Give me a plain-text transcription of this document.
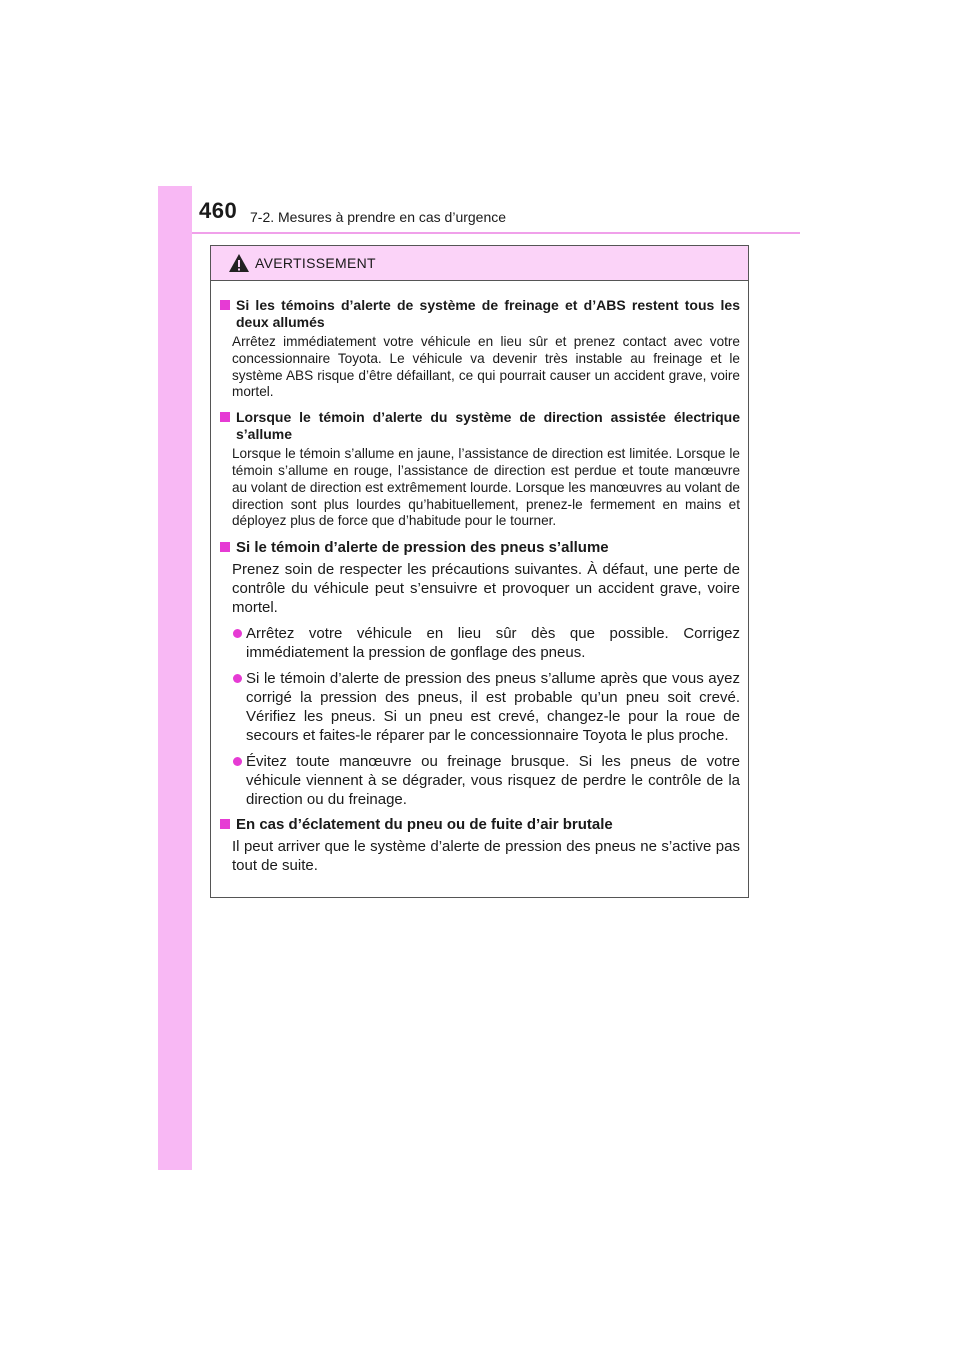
460 7-2. Mesures à prendre en cas d’urgence
AVERTISSEMENT
Si les témoins d’alerte de système de freinage et d’ABS restent tous les deux allumés
Arrêtez immédiatement votre véhicule en lieu sûr et prenez contact avec votre concessionnaire Toyota. Le véhicule va devenir très instable au freinage et le système ABS risque d’être défaillant, ce qui pourrait causer un accident grave, voire mortel.
Lorsque le témoin d’alerte du système de direction assistée électrique s’allume
Lorsque le témoin s’allume en jaune, l’assistance de direction est limitée. Lorsque le témoin s’allume en rouge, l’assistance de direction est perdue et toute manœuvre au volant de direction est extrêmement lourde. Lorsque les manœuvres au volant de direction sont plus lourdes qu’habituellement, prenez-le fermement en mains et déployez plus de force que d’habitude pour le tourner.
Si le témoin d’alerte de pression des pneus s’allume
Prenez soin de respecter les précautions suivantes. À défaut, une perte de contrôle du véhicule peut s’ensuivre et provoquer un accident grave, voire mortel.
Arrêtez votre véhicule en lieu sûr dès que possible. Corrigez immédiatement la pression de gonflage des pneus.
Si le témoin d’alerte de pression des pneus s’allume après que vous ayez corrigé la pression des pneus, il est probable qu’un pneu soit crevé. Vérifiez les pneus. Si un pneu est crevé, changez-le pour la roue de secours et faites-le réparer par le concessionnaire Toyota le plus proche.
Évitez toute manœuvre ou freinage brusque. Si les pneus de votre véhicule viennent à se dégrader, vous risquez de perdre le contrôle de la direction ou du freinage.
En cas d’éclatement du pneu ou de fuite d’air brutale
Il peut arriver que le système d’alerte de pression des pneus ne s’active pas tout de suite.
